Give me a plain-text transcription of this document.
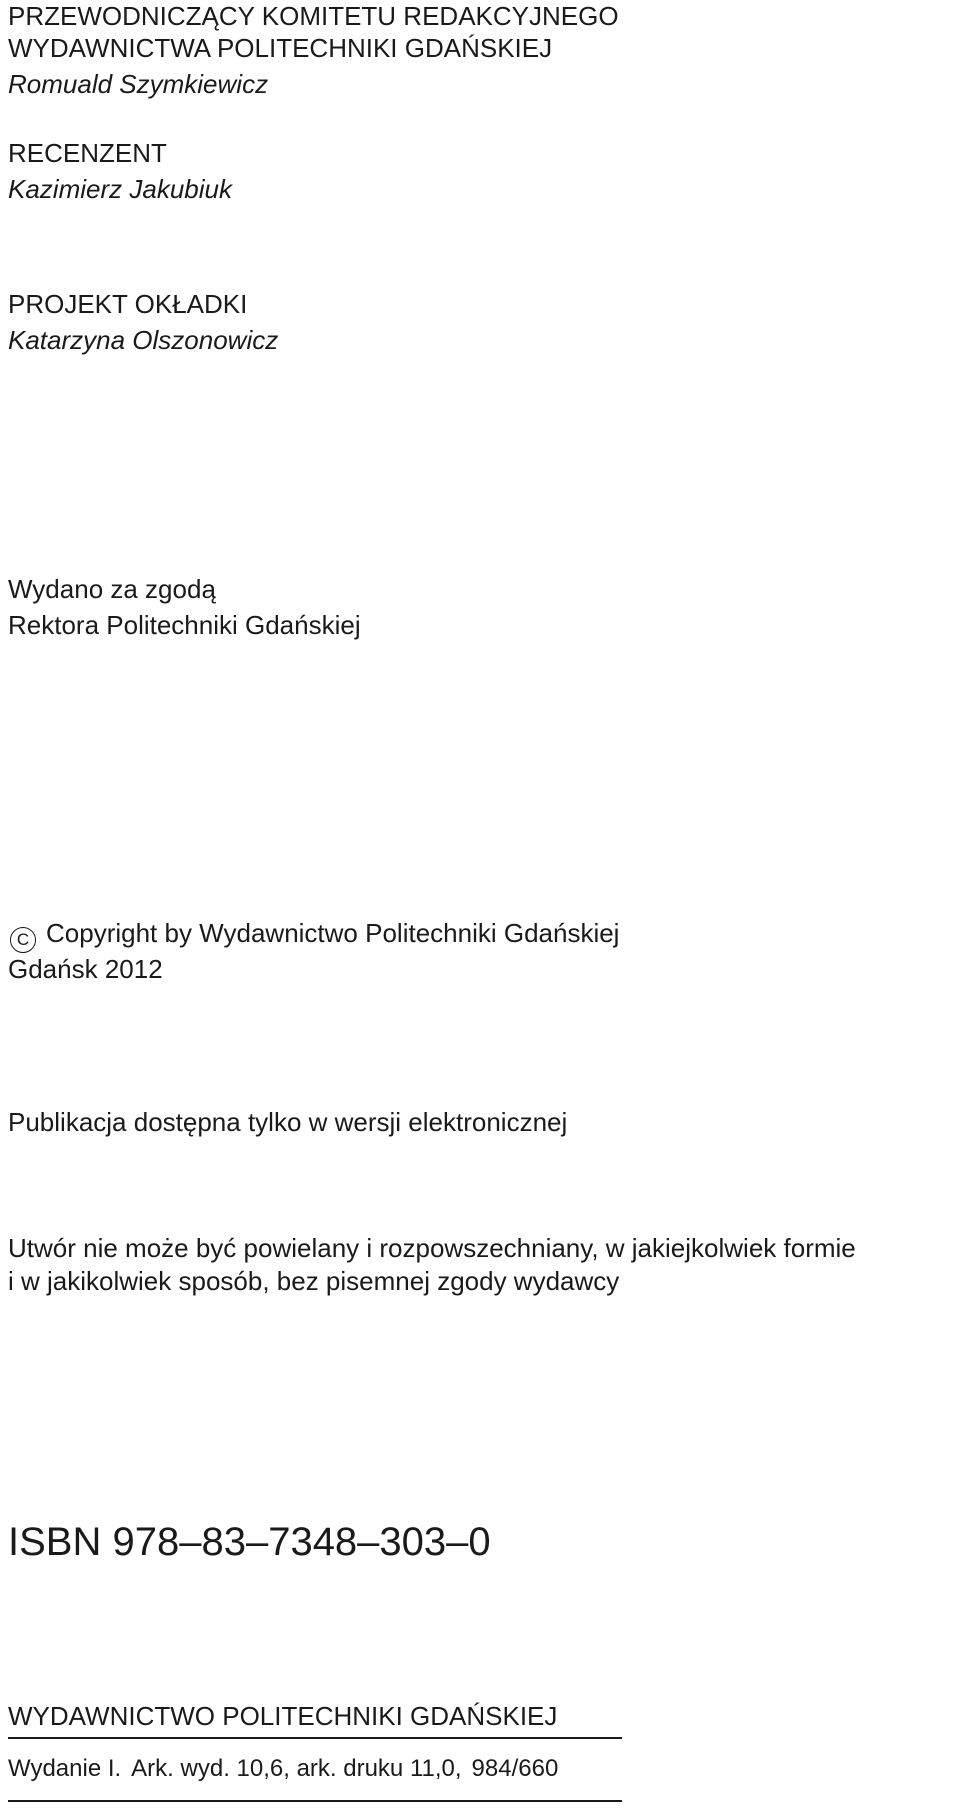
PRZEWODNICZĄCY KOMITETU REDAKCYJNEGO
WYDAWNICTWA POLITECHNIKI GDAŃSKIEJ
Romuald Szymkiewicz
RECENZENT
Kazimierz Jakubiuk
PROJEKT OKŁADKI
Katarzyna Olszonowicz
Wydano za zgodą
Rektora Politechniki Gdańskiej
C Copyright by Wydawnictwo Politechniki Gdańskiej
Gdańsk 2012
Publikacja dostępna tylko w wersji elektronicznej
Utwór nie może być powielany i rozpowszechniany, w jakiejkolwiek formie
i w jakikolwiek sposób, bez pisemnej zgody wydawcy
ISBN 978–83–7348–303–0
WYDAWNICTWO POLITECHNIKI GDAŃSKIEJ
Wydanie I. Ark. wyd. 10,6, ark. druku 11,0, 984/660
